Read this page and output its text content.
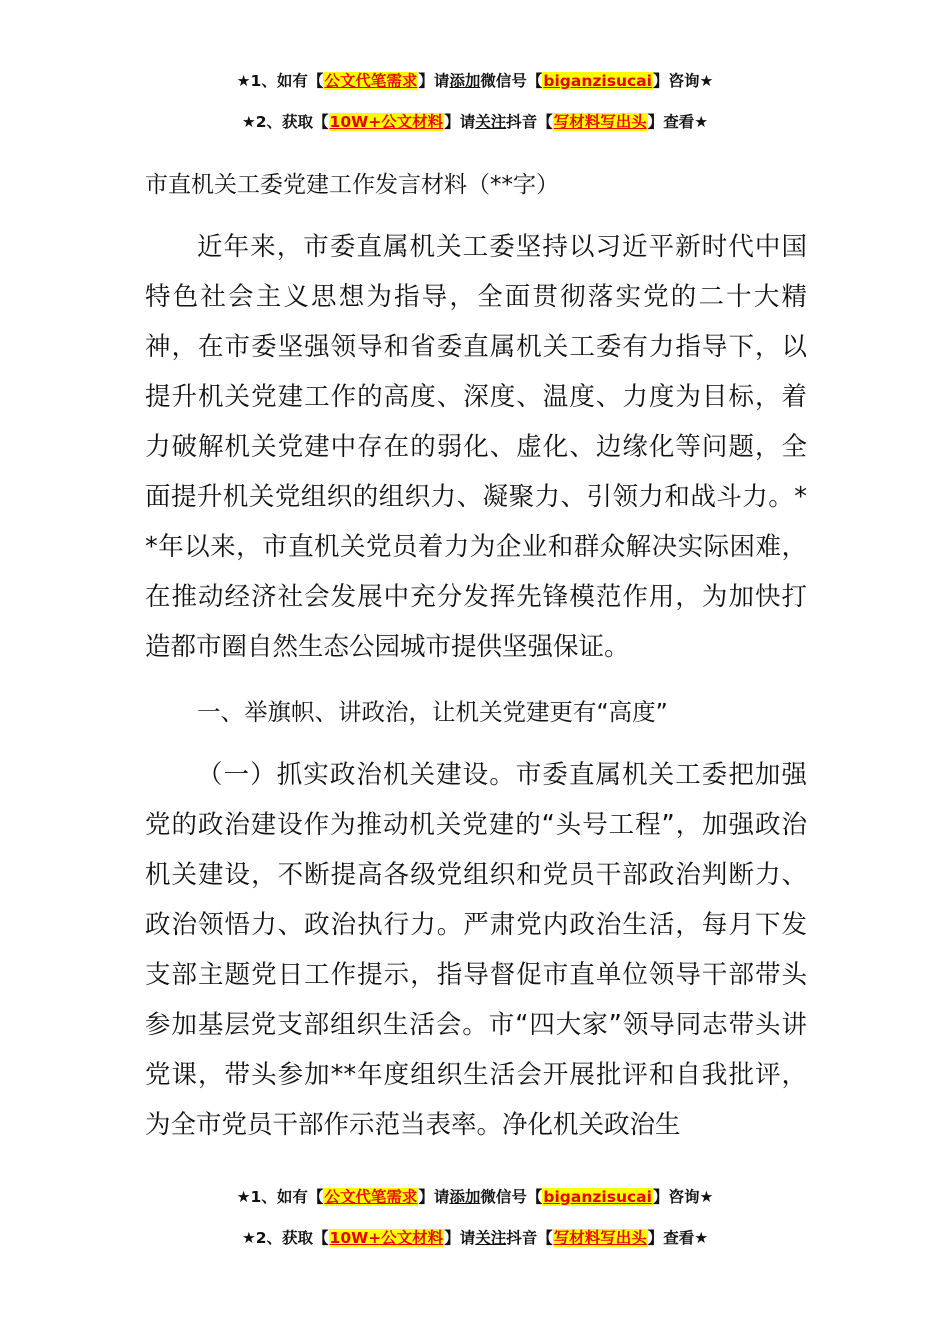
★1、如有【公文代笔需求】请添加微信号【biganzisucai】咨询★
★2、获取【10W+公文材料】请关注抖音【写材料写出头】查看★
市直机关工委党建工作发言材料（**字）

近年来，市委直属机关工委坚持以习近平新时代中国特色社会主义思想为指导，全面贯彻落实党的二十大精神，在市委坚强领导和省委直属机关工委有力指导下，以提升机关党建工作的高度、深度、温度、力度为目标，着力破解机关党建中存在的弱化、虚化、边缘化等问题，全面提升机关党组织的组织力、凝聚力、引领力和战斗力。**年以来，市直机关党员着力为企业和群众解决实际困难，在推动经济社会发展中充分发挥先锋模范作用，为加快打造都市圈自然生态公园城市提供坚强保证。

一、举旗帜、讲政治，让机关党建更有“高度”

（一）抓实政治机关建设。市委直属机关工委把加强党的政治建设作为推动机关党建的“头号工程”，加强政治机关建设，不断提高各级党组织和党员干部政治判断力、政治领悟力、政治执行力。严肃党内政治生活，每月下发支部主题党日工作提示，指导督促市直单位领导干部带头参加基层党支部组织生活会。市“四大家”领导同志带头讲党课，带头参加**年度组织生活会开展批评和自我批评，为全市党员干部作示范当表率。净化机关政治生

★1、如有【公文代笔需求】请添加微信号【biganzisucai】咨询★
★2、获取【10W+公文材料】请关注抖音【写材料写出头】查看★
